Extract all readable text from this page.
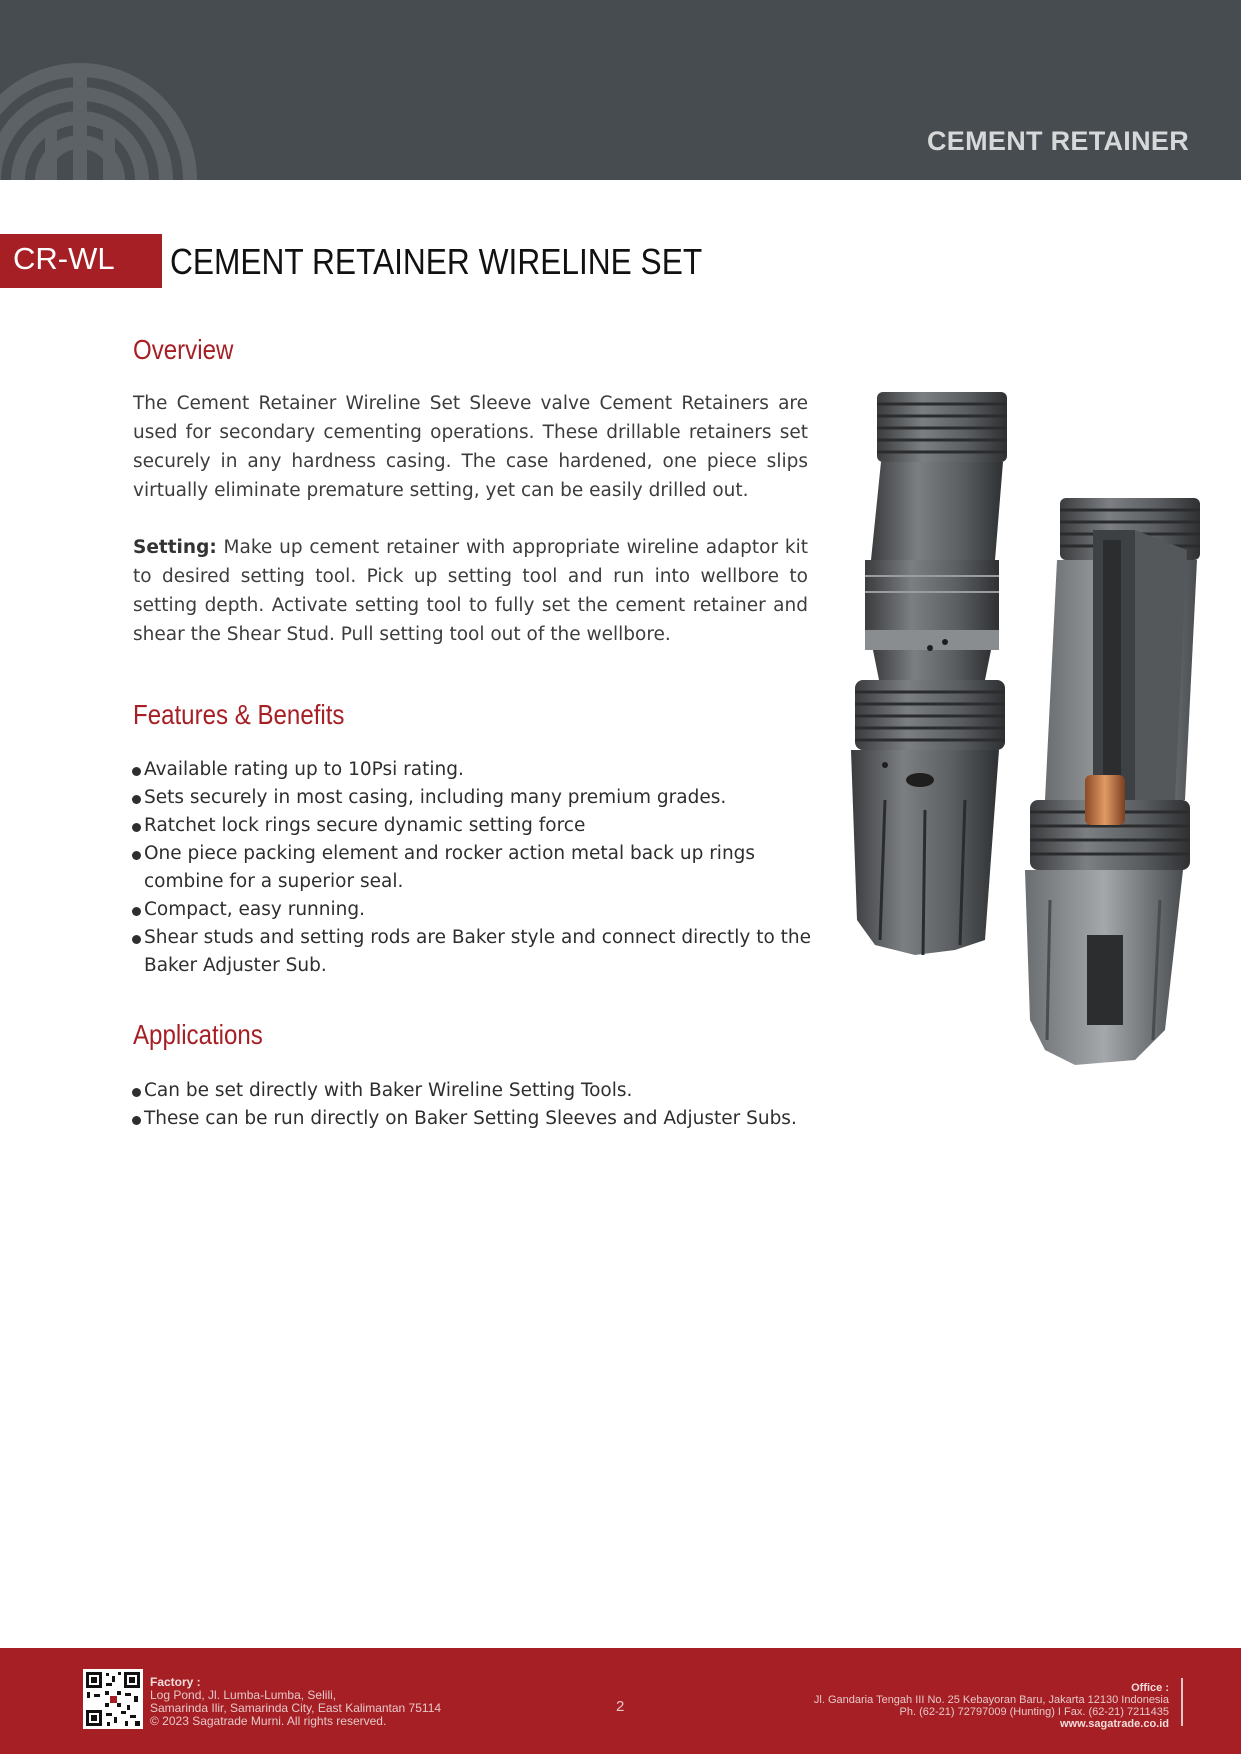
CEMENT RETAINER
CR-WL	CEMENT RETAINER WIRELINE SET
Overview

The Cement Retainer Wireline Set Sleeve valve Cement Retainers are used for secondary cementing operations. These drillable retainers set securely in any hardness casing. The case hardened, one piece slips virtually eliminate premature setting, yet can be easily drilled out.

Setting: Make up cement retainer with appropriate wireline adaptor kit to desired setting tool. Pick up setting tool and run into wellbore to setting depth. Activate setting tool to fully set the cement retainer and shear the Shear Stud. Pull setting tool out of the wellbore.

Features & Benefits
Available rating up to 10Psi rating.
Sets securely in most casing, including many premium grades.
Ratchet lock rings secure dynamic setting force
One piece packing element and rocker action metal back up rings combine for a superior seal.
Compact, easy running.
Shear studs and setting rods are Baker style and connect directly to the Baker Adjuster Sub.
Applications
Can be set directly with Baker Wireline Setting Tools.
These can be run directly on Baker Setting Sleeves and Adjuster Subs.
Factory :
Log Pond, Jl. Lumba-Lumba, Selili,
Samarinda Ilir, Samarinda City, East Kalimantan 75114
© 2023 Sagatrade Murni. All rights reserved.
2
Office :
Jl. Gandaria Tengah III No. 25 Kebayoran Baru, Jakarta 12130 Indonesia
Ph. (62-21) 72797009 (Hunting) I Fax. (62-21) 7211435
www.sagatrade.co.id
